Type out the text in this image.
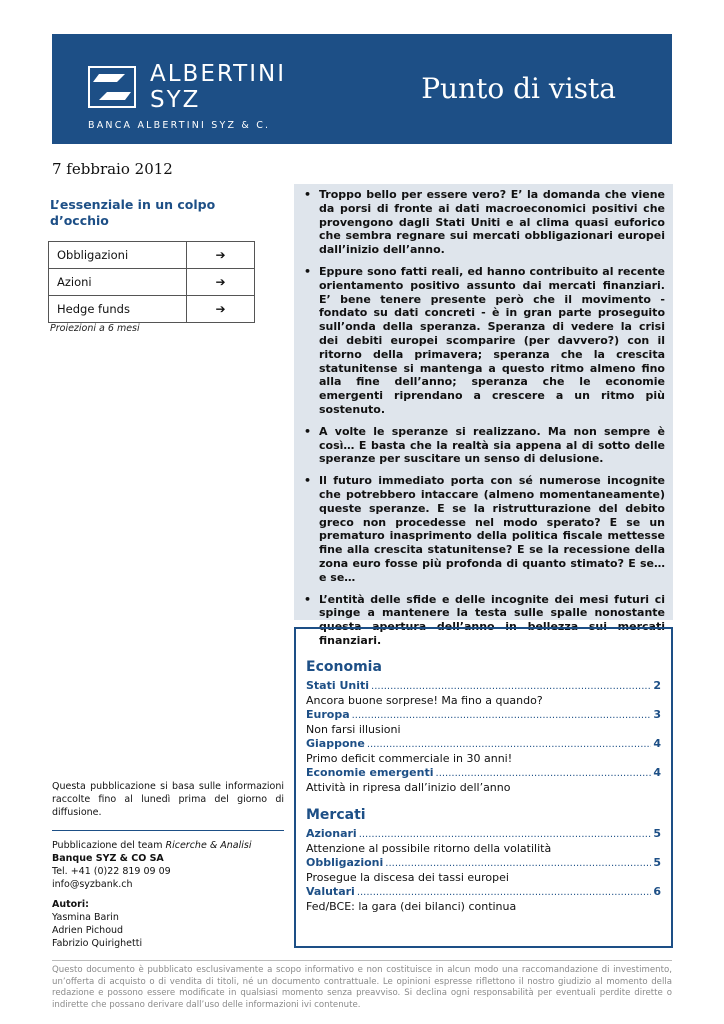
ALBERTINI
SYZ
BANCA ALBERTINI SYZ & C.
Punto di vista
7 febbraio 2012
L’essenziale in un colpo d’occhio
Obbligazioni	➔
Azioni	➔
Hedge funds	➔
Proiezioni a 6 mesi
• Troppo bello per essere vero? E’ la domanda che viene da porsi di fronte ai dati macroeconomici positivi che provengono dagli Stati Uniti e al clima quasi euforico che sembra regnare sui mercati obbligazionari europei dall’inizio dell’anno.
• Eppure sono fatti reali, ed hanno contribuito al recente orientamento positivo assunto dai mercati finanziari. E’ bene tenere presente però che il movimento - fondato su dati concreti - è in gran parte proseguito sull’onda della speranza. Speranza di vedere la crisi dei debiti europei scomparire (per davvero?) con il ritorno della primavera; speranza che la crescita statunitense si mantenga a questo ritmo almeno fino alla fine dell’anno; speranza che le economie emergenti riprendano a crescere a un ritmo più sostenuto.
• A volte le speranze si realizzano. Ma non sempre è così… E basta che la realtà sia appena al di sotto delle speranze per suscitare un senso di delusione.
• Il futuro immediato porta con sé numerose incognite che potrebbero intaccare (almeno momentaneamente) queste speranze. E se la ristrutturazione del debito greco non procedesse nel modo sperato? E se un prematuro inasprimento della politica fiscale mettesse fine alla crescita statunitense? E se la recessione della zona euro fosse più profonda di quanto stimato? E se… e se…
• L’entità delle sfide e delle incognite dei mesi futuri ci spinge a mantenere la testa sulle spalle nonostante questa apertura dell’anno in bellezza sui mercati finanziari.
Economia
Stati Uniti .....	2
Ancora buone sorprese! Ma fino a quando?
Europa .....	3
Non farsi illusioni
Giappone .....	4
Primo deficit commerciale in 30 anni!
Economie emergenti .....	4
Attività in ripresa dall’inizio dell’anno
Mercati
Azionari .....	5
Attenzione al possibile ritorno della volatilità
Obbligazioni .....	5
Prosegue la discesa dei tassi europei
Valutari .....	6
Fed/BCE: la gara (dei bilanci) continua
Questa pubblicazione si basa sulle informazioni raccolte fino al lunedì prima del giorno di diffusione.
Pubblicazione del team Ricerche & Analisi
Banque SYZ & CO SA
Tel. +41 (0)22 819 09 09
info@syzbank.ch
Autori:
Yasmina Barin
Adrien Pichoud
Fabrizio Quirighetti
Questo documento è pubblicato esclusivamente a scopo informativo e non costituisce in alcun modo una raccomandazione di investimento, un’offerta di acquisto o di vendita di titoli, né un documento contrattuale. Le opinioni espresse riflettono il nostro giudizio al momento della redazione e possono essere modificate in qualsiasi momento senza preavviso. Si declina ogni responsabilità per eventuali perdite dirette o indirette che possano derivare dall’uso delle informazioni ivi contenute.
